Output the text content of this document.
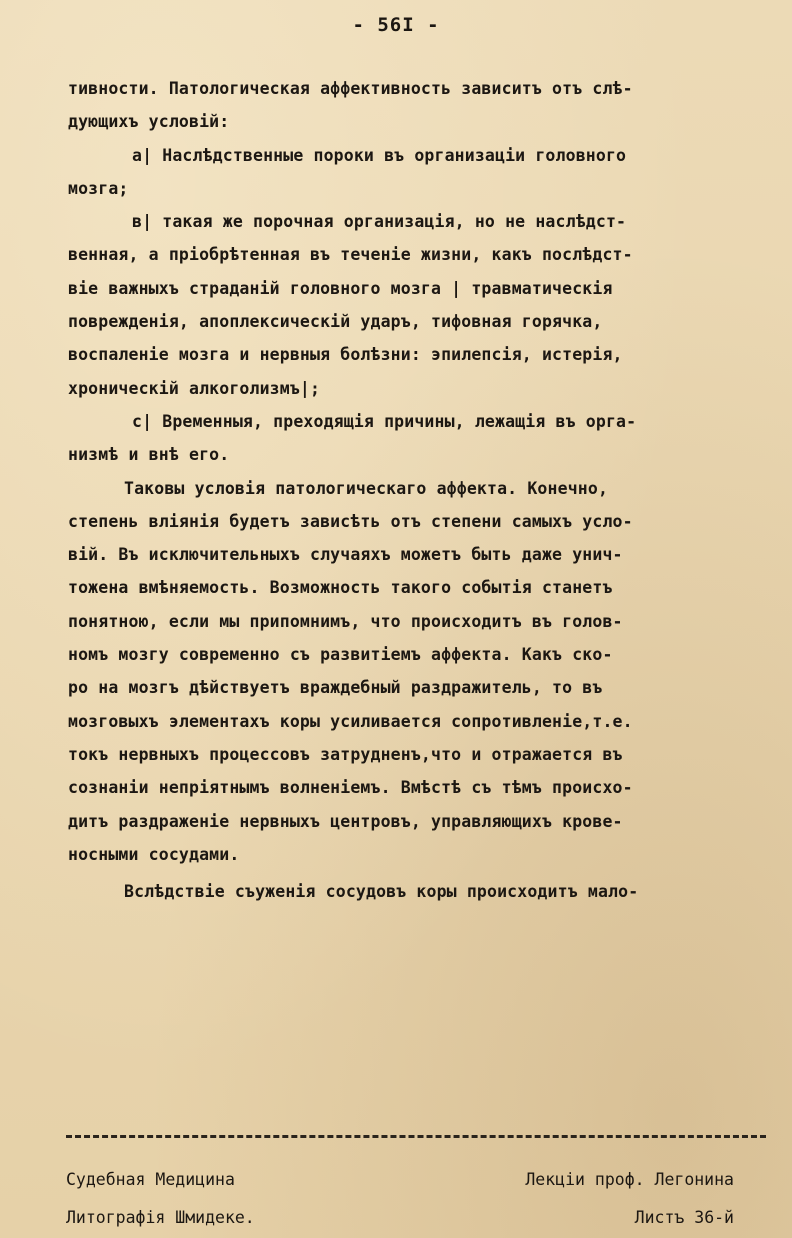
- 56I -
тивности. Патологическая аффективность зависитъ отъ слѣ-
дующихъ условій:
а| Наслѣдственные пороки въ организаціи головного
мозга;
в| такая же порочная организація, но не наслѣдст-
венная, а пріобрѣтенная въ теченіе жизни, какъ послѣдст-
віе важныхъ страданій головного мозга | травматическія
поврежденія, апоплексическій ударъ, тифовная горячка,
воспаленіе мозга и нервныя болѣзни: эпилепсія, истерія,
хроническій алкоголизмъ|;
с| Временныя, преходящія причины, лежащія въ орга-
низмѣ и внѣ его.
Таковы условія патологическаго аффекта. Конечно,
степень вліянія будетъ зависѣть отъ степени самыхъ усло-
вій. Въ исключительныхъ случаяхъ можетъ быть даже унич-
тожена вмѣняемость. Возможность такого событія станетъ
понятною, если мы припомнимъ, что происходитъ въ голов-
номъ мозгу современно съ развитіемъ аффекта. Какъ ско-
ро на мозгъ дѣйствуетъ враждебный раздражитель, то въ
мозговыхъ элементахъ коры усиливается сопротивленіе,т.е.
токъ нервныхъ процессовъ затрудненъ,что и отражается въ
сознаніи непріятнымъ волненіемъ. Вмѣстѣ съ тѣмъ происхо-
дитъ раздраженіе нервныхъ центровъ, управляющихъ крове-
носными сосудами.
Вслѣдствіе съуженія сосудовъ коры происходитъ мало-
Судебная Медицина	Лекціи проф. Легонина
Литографія Шмидеке.	Листъ 36-й
